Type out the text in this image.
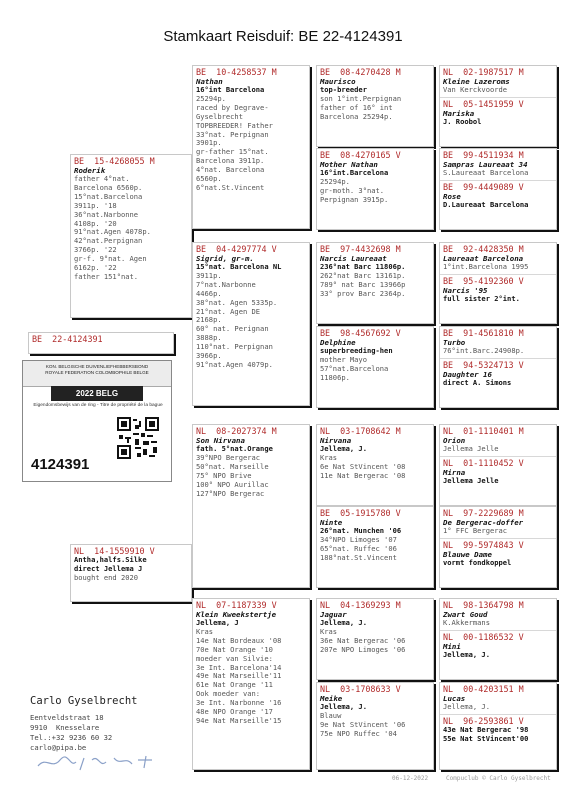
Stamkaart Reisduif: BE 22-4124391
BE  15-4268055 M
Roderik
father 4°nat.
Barcelona 6560p.
15°nat.Barcelona
3911p. '18
36°nat.Narbonne
4108p. '20
91°nat.Agen 4078p.
42°nat.Perpignan
3766p. '22
gr-f. 9°nat. Agen
6162p. '22
father 151°nat.
NL  14-1559910 V
Antha,halfs.Silke
direct Jellema J
bought end 2020
BE  10-4258537 M
Nathan
16°int Barcelona
25294p.
raced by Degrave-
Gyselbrecht
TOPBREEDER! Father
33°nat. Perpignan
3901p.
gr-father 15°nat.
Barcelona 3911p.
4°nat. Barcelona
6560p.
6°nat.St.Vincent
BE  04-4297774 V
Sigrid, gr-m.
15°nat. Barcelona NL
3911p.
7°nat.Narbonne
4466p.
38°nat. Agen 5335p.
21°nat. Agen DE
2168p.
60° nat. Perignan
3888p.
110°nat. Perpignan
3966p.
91°nat.Agen 4079p.
BE  08-4270428 M
Maurisco
top-breeder
son 1°int.Perpignan
father of 16° int
Barcelona 25294p.
BE  08-4270165 V
Mother Nathan
16°int.Barcelona
25294p.
gr-moth. 3°nat.
Perpignan 3915p.
BE  97-4432698 M
Narcis Laureaat
236°nat Barc 11806p.
262°nat Barc 13161p.
789° nat Barc 13966p
33° prov Barc 2364p.
BE  98-4567692 V
Delphine
superbreeding-hen
mother Mayo
57°nat.Barcelona
11806p.
NL  02-1987517 M
Kleine Lazeroms
Van Kerckvoorde
NL  05-1451959 V
Mariska
J. Roobol
BE  99-4511934 M
Sampras Laureaat 34
S.Laureaat Barcelona
BE  99-4449089 V
Rose
D.Laureaat Barcelona
BE  92-4428350 M
Laureaat Barcelona
1°int.Barcelona 1995
BE  95-4192360 V
Narcis '95
full sister 2°int.
BE  91-4561810 M
Turbo
76°int.Barc.24908p.
BE  94-5324713 V
Daughter 16
direct A. Simons
NL  08-2027374 M
Son Nirvana
fath. 5°nat.Orange
39°NPO Bergerac
50°nat. Marseille
75° NPO Brive
100° NPO Aurillac
127°NPO Bergerac
NL  07-1187339 V
Klein Kweekstertje
Jellema, J
Kras
14e Nat Bordeaux '08
70e Nat Orange '10
moeder van Silvie:
3e Int. Barcelona'14
49e Nat Marseille'11
61e Nat Orange '11
Ook moeder van:
3e Int. Narbonne '16
48e NPO Orange '17
94e Nat Marseille'15
NL  03-1708642 M
Nirvana
Jellema, J.
Kras
6e Nat StVincent '08
11e Nat Bergerac '08
BE  05-1915780 V
Ninte
26°nat. Munchen '06
34°NPO Limoges '07
65°nat. Ruffec '06
188°nat.St.Vincent
NL  04-1369293 M
Jaguar
Jellema, J.
Kras
36e Nat Bergerac '06
207e NPO Limoges '06
NL  03-1708633 V
Meike
Jellema, J.
Blauw
9e Nat StVincent '06
75e NPO Ruffec '04
NL  01-1110401 M
Orion
Jellema Jelle
NL  01-1110452 V
Mirna
Jellema Jelle
NL  97-2229689 M
De Bergerac-doffer
1° FFC Bergerac
NL  99-5974843 V
Blauwe Dame
vormt fondkoppel
NL  98-1364798 M
Zwart Goud
K.Akkermans
NL  00-1186532 V
Mini
Jellema, J.
NL  00-4203151 M
Lucas
Jellema, J.
NL  96-2593861 V
43e Nat Bergerac '98
55e Nat StVincent'00
BE  22-4124391
KON. BELGISCHE DUIVENLIEFHEBBERSBOND
ROYALE FEDERATION COLOMBOPHILE BELGE
2022 BELG
Eigendomsbewijs van de ring - Titre de propriété de la bague
4124391
Carlo Gyselbrecht
Eentveldstraat 18
9910  Knesselare
Tel.:+32 9236 60 32
carlo@pipa.be
06-12-2022	Compuclub © Carlo Gyselbrecht
